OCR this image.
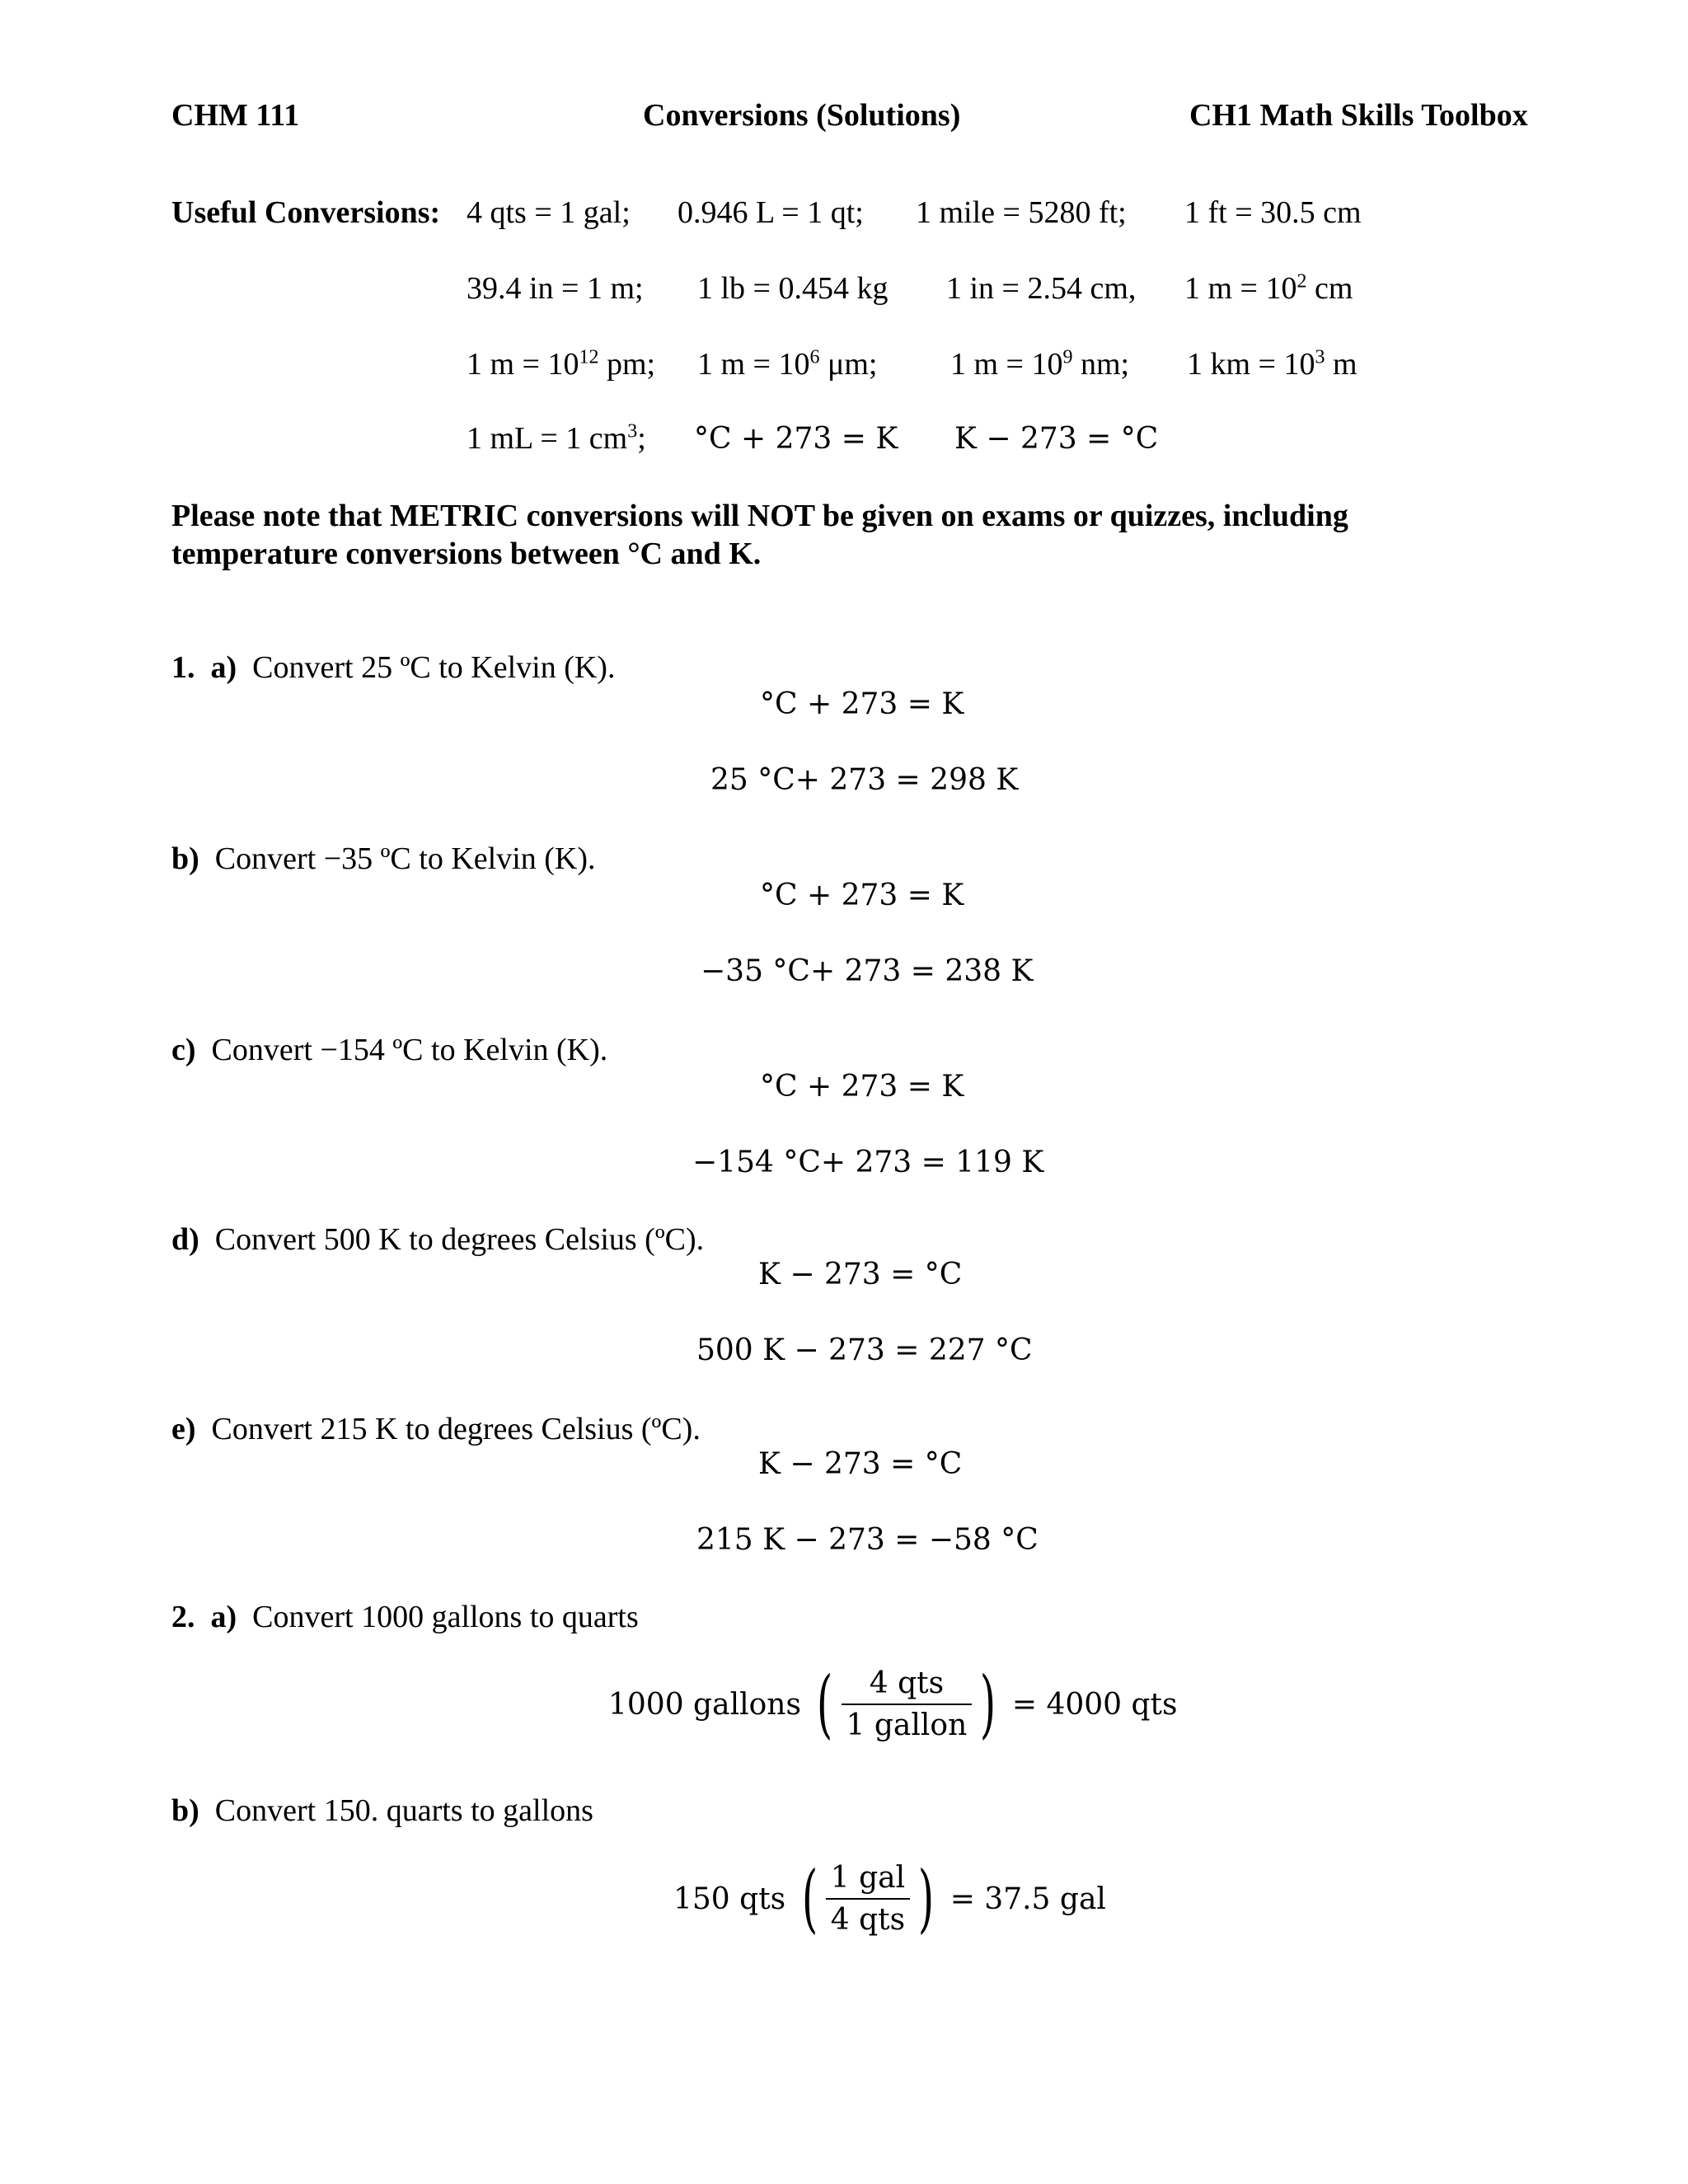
CHM 111	Conversions (Solutions)	CH1 Math Skills Toolbox
Useful Conversions: 4 qts = 1 gal; 0.946 L = 1 qt; 1 mile = 5280 ft; 1 ft = 30.5 cm
39.4 in = 1 m; 1 lb = 0.454 kg 1 in = 2.54 cm, 1 $m = 10^2$ cm
1 $m = 10^{12}$ pm; 1 $m = 10^6$ μm; 1 $m = 10^9$ nm; 1 km = $10^3$ m
1 mL = 1 $cm^3$; °C + 273 = K K − 273 = °C
Please note that METRIC conversions will NOT be given on exams or quizzes, including
temperature conversions between °C and K.
1. a) Convert 25 ºC to Kelvin (K).
°C + 273 = K
25 °C+ 273 = 298 K
b) Convert −35 ºC to Kelvin (K).
°C + 273 = K
−35 °C+ 273 = 238 K
c) Convert −154 ºC to Kelvin (K).
°C + 273 = K
−154 °C+ 273 = 119 K
d) Convert 500 K to degrees Celsius (ºC).
K − 273 = °C
500 K − 273 = 227 °C
e) Convert 215 K to degrees Celsius (ºC).
K − 273 = °C
215 K − 273 = −58 °C
2. a) Convert 1000 gallons to quarts
1000 gallons
( $\frac{\text{4 qts}}{\text{1 gallon}}$ )
= 4000 qts
b) Convert 150. quarts to gallons
150 qts
( $\frac{\text{1 gal}}{\text{4 qts}}$ )
= 37.5 gal
